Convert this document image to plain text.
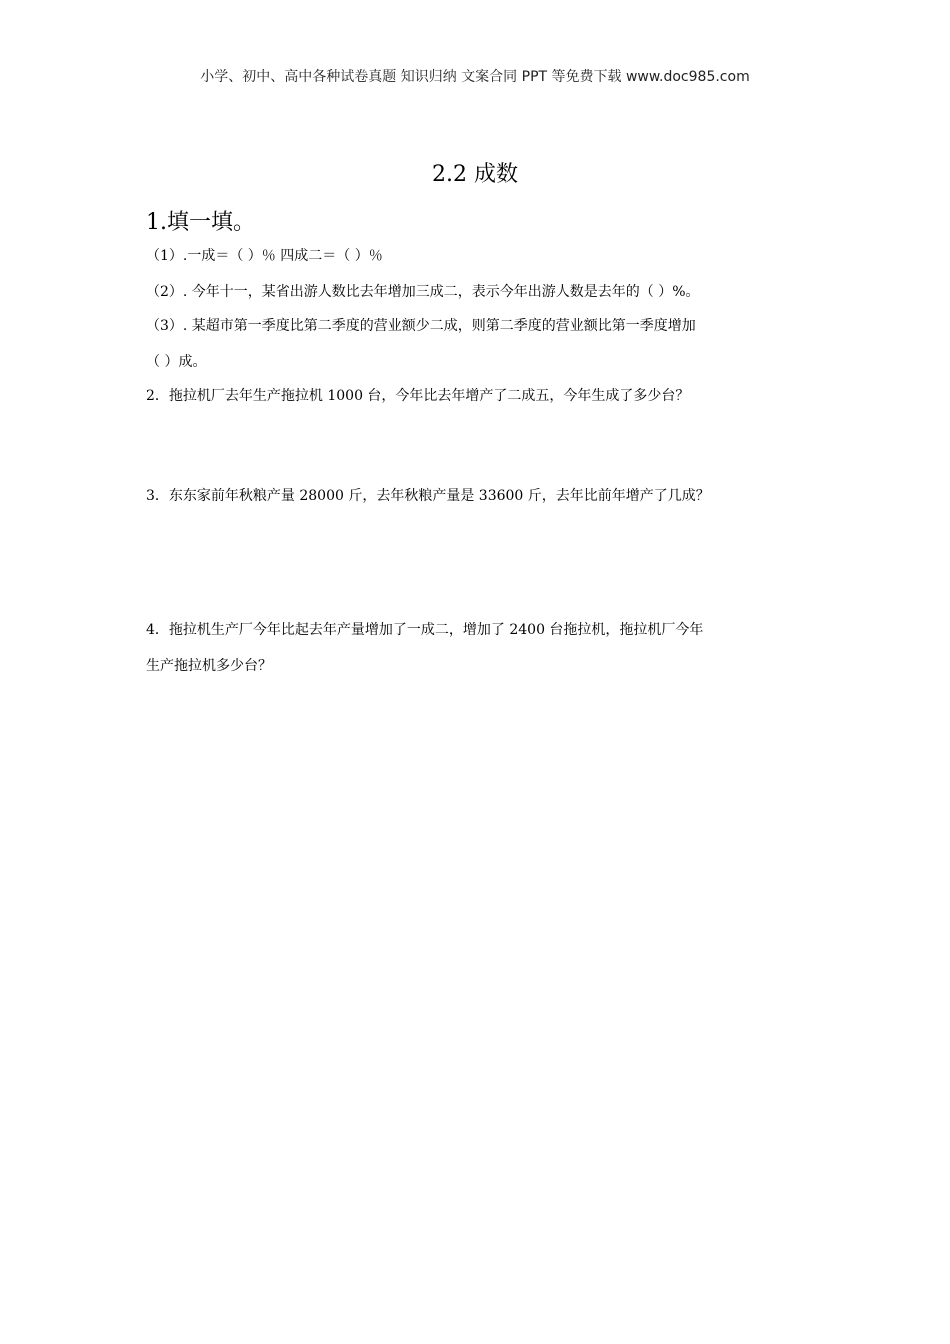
小学、初中、高中各种试卷真题 知识归纳 文案合同 PPT 等免费下载 www.doc985.com
2.2 成数
1.填一填。
（1）.一成＝（ ）％ 四成二＝（ ）％
（2）. 今年十一，某省出游人数比去年增加三成二，表示今年出游人数是去年的（ ）%。
（3）. 某超市第一季度比第二季度的营业额少二成，则第二季度的营业额比第一季度增加
（ ）成。
2．拖拉机厂去年生产拖拉机 1000 台，今年比去年增产了二成五，今年生成了多少台？
3．东东家前年秋粮产量 28000 斤，去年秋粮产量是 33600 斤，去年比前年增产了几成？
4．拖拉机生产厂今年比起去年产量增加了一成二，增加了 2400 台拖拉机，拖拉机厂今年
生产拖拉机多少台？
